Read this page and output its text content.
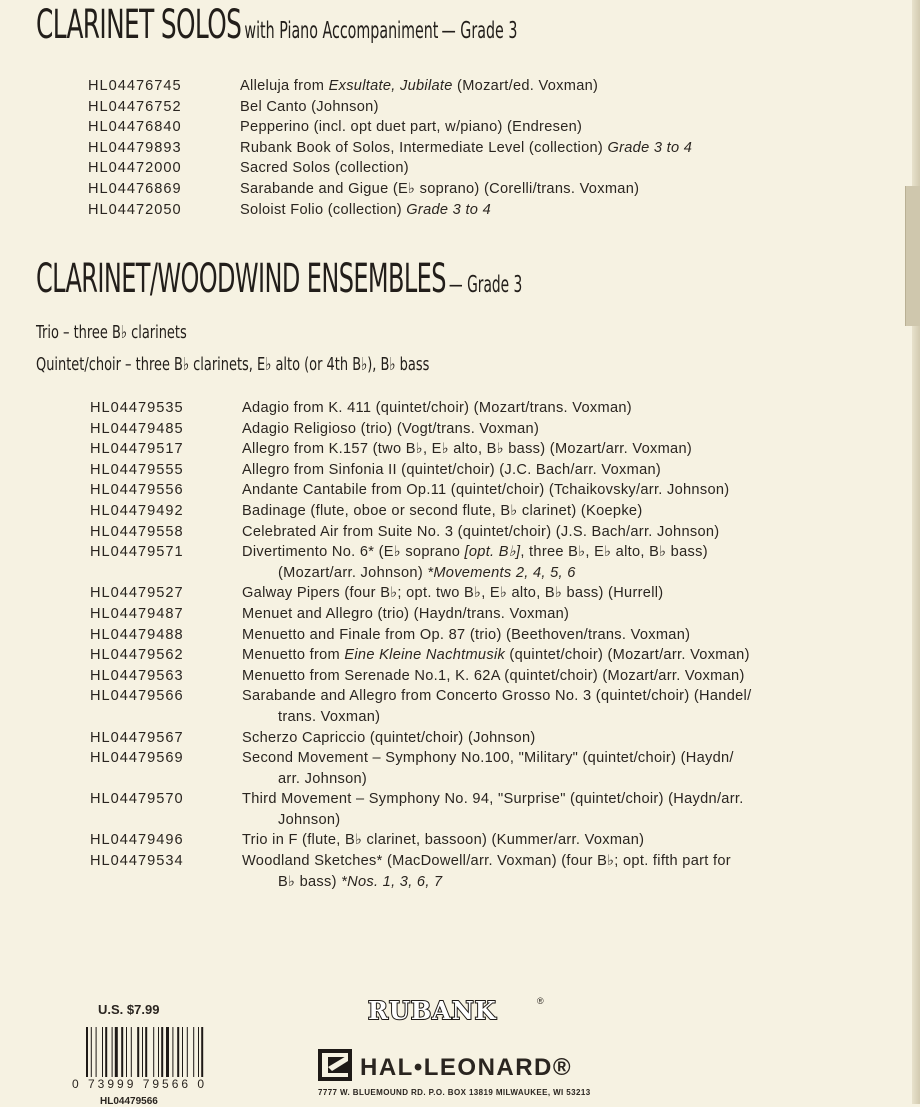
CLARINET SOLOS with Piano Accompaniment — Grade 3
HL04476745	Alleluja from Exsultate, Jubilate (Mozart/ed. Voxman)
HL04476752	Bel Canto (Johnson)
HL04476840	Pepperino (incl. opt duet part, w/piano) (Endresen)
HL04479893	Rubank Book of Solos, Intermediate Level (collection) Grade 3 to 4
HL04472000	Sacred Solos (collection)
HL04476869	Sarabande and Gigue (E♭ soprano) (Corelli/trans. Voxman)
HL04472050	Soloist Folio (collection) Grade 3 to 4
CLARINET/WOODWIND ENSEMBLES — Grade 3
Trio – three B♭ clarinets
Quintet/choir – three B♭ clarinets, E♭ alto (or 4th B♭), B♭ bass
HL04479535	Adagio from K. 411 (quintet/choir) (Mozart/trans. Voxman)
HL04479485	Adagio Religioso (trio) (Vogt/trans. Voxman)
HL04479517	Allegro from K.157 (two B♭, E♭ alto, B♭ bass) (Mozart/arr. Voxman)
HL04479555	Allegro from Sinfonia II (quintet/choir) (J.C. Bach/arr. Voxman)
HL04479556	Andante Cantabile from Op.11 (quintet/choir) (Tchaikovsky/arr. Johnson)
HL04479492	Badinage (flute, oboe or second flute, B♭ clarinet) (Koepke)
HL04479558	Celebrated Air from Suite No. 3 (quintet/choir) (J.S. Bach/arr. Johnson)
HL04479571	Divertimento No. 6* (E♭ soprano [opt. B♭], three B♭, E♭ alto, B♭ bass)
(Mozart/arr. Johnson) *Movements 2, 4, 5, 6
HL04479527	Galway Pipers (four B♭; opt. two B♭, E♭ alto, B♭ bass) (Hurrell)
HL04479487	Menuet and Allegro (trio) (Haydn/trans. Voxman)
HL04479488	Menuetto and Finale from Op. 87 (trio) (Beethoven/trans. Voxman)
HL04479562	Menuetto from Eine Kleine Nachtmusik (quintet/choir) (Mozart/arr. Voxman)
HL04479563	Menuetto from Serenade No.1, K. 62A (quintet/choir) (Mozart/arr. Voxman)
HL04479566	Sarabande and Allegro from Concerto Grosso No. 3 (quintet/choir) (Handel/
trans. Voxman)
HL04479567	Scherzo Capriccio (quintet/choir) (Johnson)
HL04479569	Second Movement – Symphony No.100, "Military" (quintet/choir) (Haydn/
arr. Johnson)
HL04479570	Third Movement – Symphony No. 94, "Surprise" (quintet/choir) (Haydn/arr.
Johnson)
HL04479496	Trio in F (flute, B♭ clarinet, bassoon) (Kummer/arr. Voxman)
HL04479534	Woodland Sketches* (MacDowell/arr. Voxman) (four B♭; opt. fifth part for
B♭ bass) *Nos. 1, 3, 6, 7
U.S. $7.99
0 73999 79566 0
HL04479566
RUBANK	®
HAL•LEONARD®
7777 W. BLUEMOUND RD. P.O. BOX 13819 MILWAUKEE, WI 53213
